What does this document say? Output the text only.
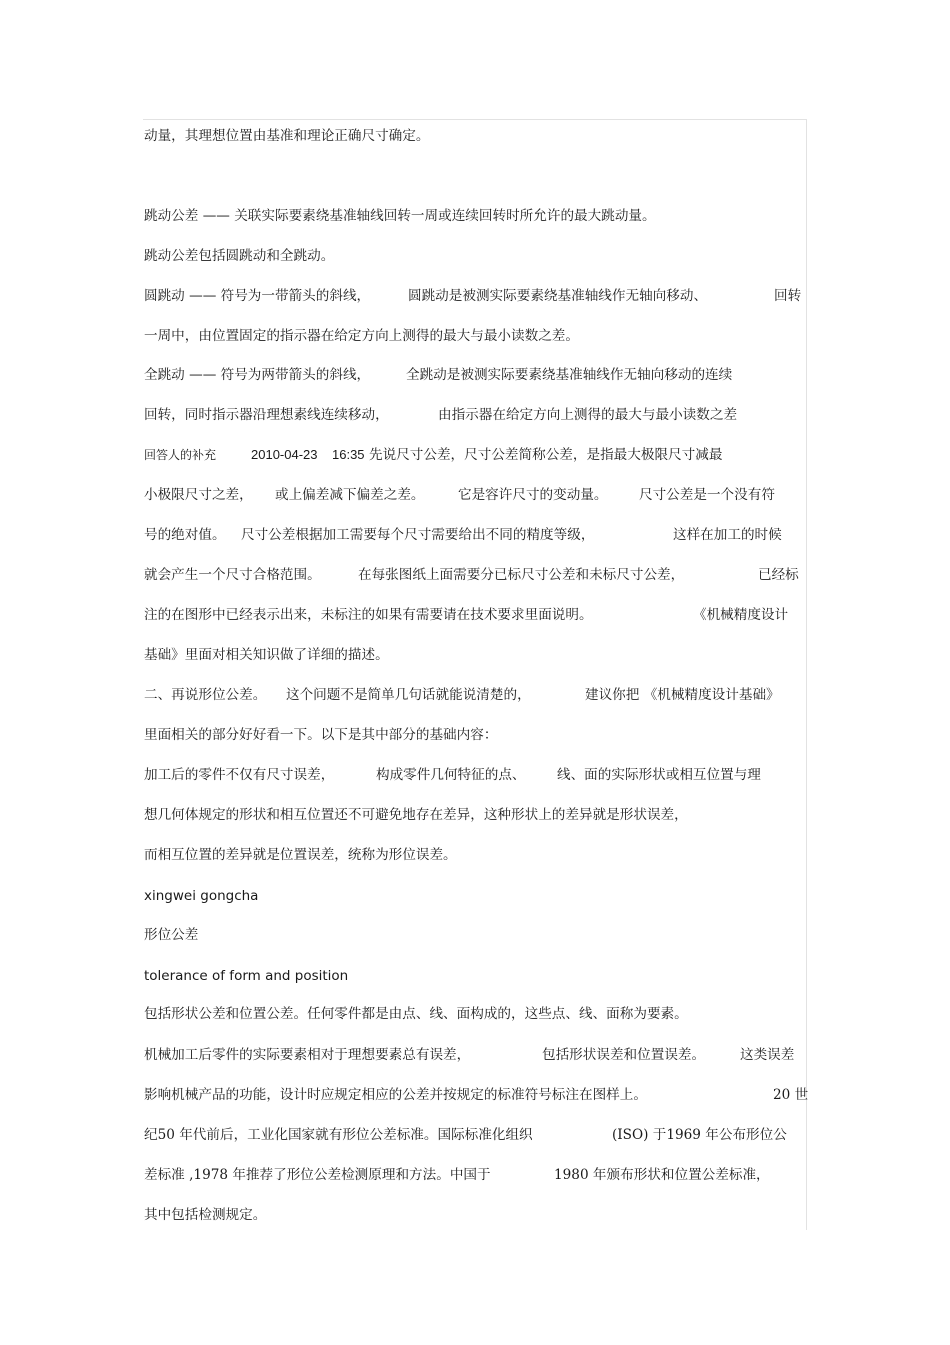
动量，其理想位置由基准和理论正确尺寸确定。
跳动公差 —— 关联实际要素绕基准轴线回转一周或连续回转时所允许的最大跳动量。
跳动公差包括圆跳动和全跳动。
圆跳动 —— 符号为一带箭头的斜线，	圆跳动是被测实际要素绕基准轴线作无轴向移动、	回转
一周中，由位置固定的指示器在给定方向上测得的最大与最小读数之差。
全跳动 —— 符号为两带箭头的斜线，	全跳动是被测实际要素绕基准轴线作无轴向移动的连续
回转，同时指示器沿理想素线连续移动，	由指示器在给定方向上测得的最大与最小读数之差
回答人的补充	2010-04-23 16:35 先说尺寸公差，尺寸公差简称公差，是指最大极限尺寸减最
小极限尺寸之差， 或上偏差减下偏差之差。 它是容许尺寸的变动量。 尺寸公差是一个没有符
号的绝对值。 尺寸公差根据加工需要每个尺寸需要给出不同的精度等级，	这样在加工的时候
就会产生一个尺寸合格范围。	在每张图纸上面需要分已标尺寸公差和未标尺寸公差，	已经标
注的在图形中已经表示出来，未标注的如果有需要请在技术要求里面说明。	《机械精度设计
基础》里面对相关知识做了详细的描述。
二、再说形位公差。 这个问题不是简单几句话就能说清楚的，	建议你把 《机械精度设计基础》
里面相关的部分好好看一下。以下是其中部分的基础内容：
加工后的零件不仅有尺寸误差，	构成零件几何特征的点、 线、面的实际形状或相互位置与理
想几何体规定的形状和相互位置还不可避免地存在差异，这种形状上的差异就是形状误差，
而相互位置的差异就是位置误差，统称为形位误差。
xingwei gongcha
形位公差
tolerance of form and position
包括形状公差和位置公差。任何零件都是由点、线、面构成的，这些点、线、面称为要素。
机械加工后零件的实际要素相对于理想要素总有误差，	包括形状误差和位置误差。	这类误差
影响机械产品的功能，设计时应规定相应的公差并按规定的标准符号标注在图样上。	20 世
纪50 年代前后，工业化国家就有形位公差标准。国际标准化组织	(ISO) 于1969 年公布形位公
差标准 ,1978 年推荐了形位公差检测原理和方法。中国于	1980 年颁布形状和位置公差标准，
其中包括检测规定。
